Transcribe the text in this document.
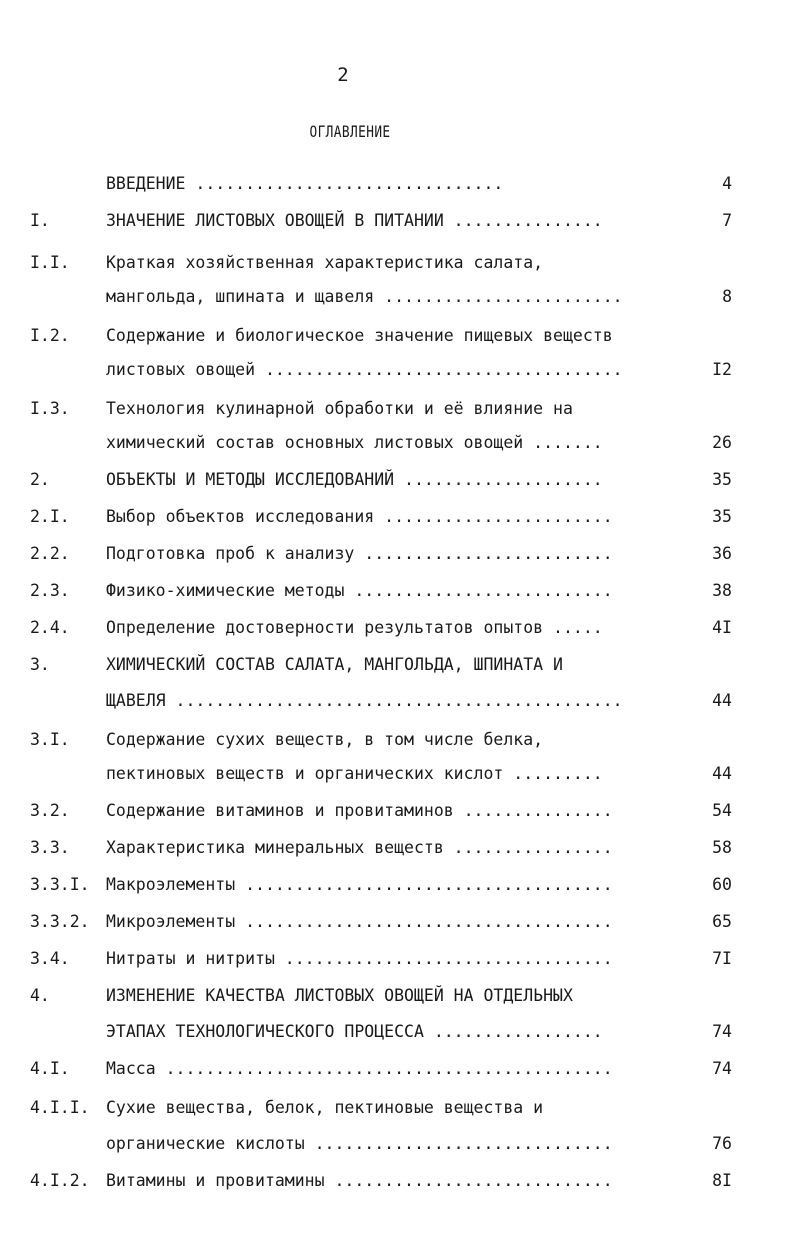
2
ОГЛАВЛЕНИЕ
ВВЕДЕНИЕ ...............................	4
I.	ЗНАЧЕНИЕ ЛИСТОВЫХ ОВОЩЕЙ В ПИТАНИИ ...............	7
I.I. Краткая хозяйственная характеристика салата,
мангольда, шпината и щавеля ........................	8
I.2. Содержание и биологическое значение пищевых веществ
листовых овощей ....................................	I2
I.3. Технология кулинарной обработки и её влияние на
химический состав основных листовых овощей .......	26
2.	ОБЪЕКТЫ И МЕТОДЫ ИССЛЕДОВАНИЙ ....................	35
2.I. Выбор объектов исследования .......................	35
2.2. Подготовка проб к анализу .........................	36
2.3. Физико-химические методы ..........................	38
2.4. Определение достоверности результатов опытов .....	4I
3.	ХИМИЧЕСКИЙ СОСТАВ САЛАТА, МАНГОЛЬДА, ШПИНАТА И
ЩАВЕЛЯ .............................................	44
3.I. Содержание сухих веществ, в том числе белка,
пектиновых веществ и органических кислот .........	44
3.2. Содержание витаминов и провитаминов ...............	54
3.3. Характеристика минеральных веществ ................	58
3.3.I. Макроэлементы .....................................	60
3.3.2. Микроэлементы .....................................	65
3.4. Нитраты и нитриты .................................	7I
4.	ИЗМЕНЕНИЕ КАЧЕСТВА ЛИСТОВЫХ ОВОЩЕЙ НА ОТДЕЛЬНЫХ
ЭТАПАХ ТЕХНОЛОГИЧЕСКОГО ПРОЦЕССА .................	74
4.I. Масса .............................................	74
4.I.I. Сухие вещества, белок, пектиновые вещества и
органические кислоты ..............................	76
4.I.2. Витамины и провитамины ............................	8I
